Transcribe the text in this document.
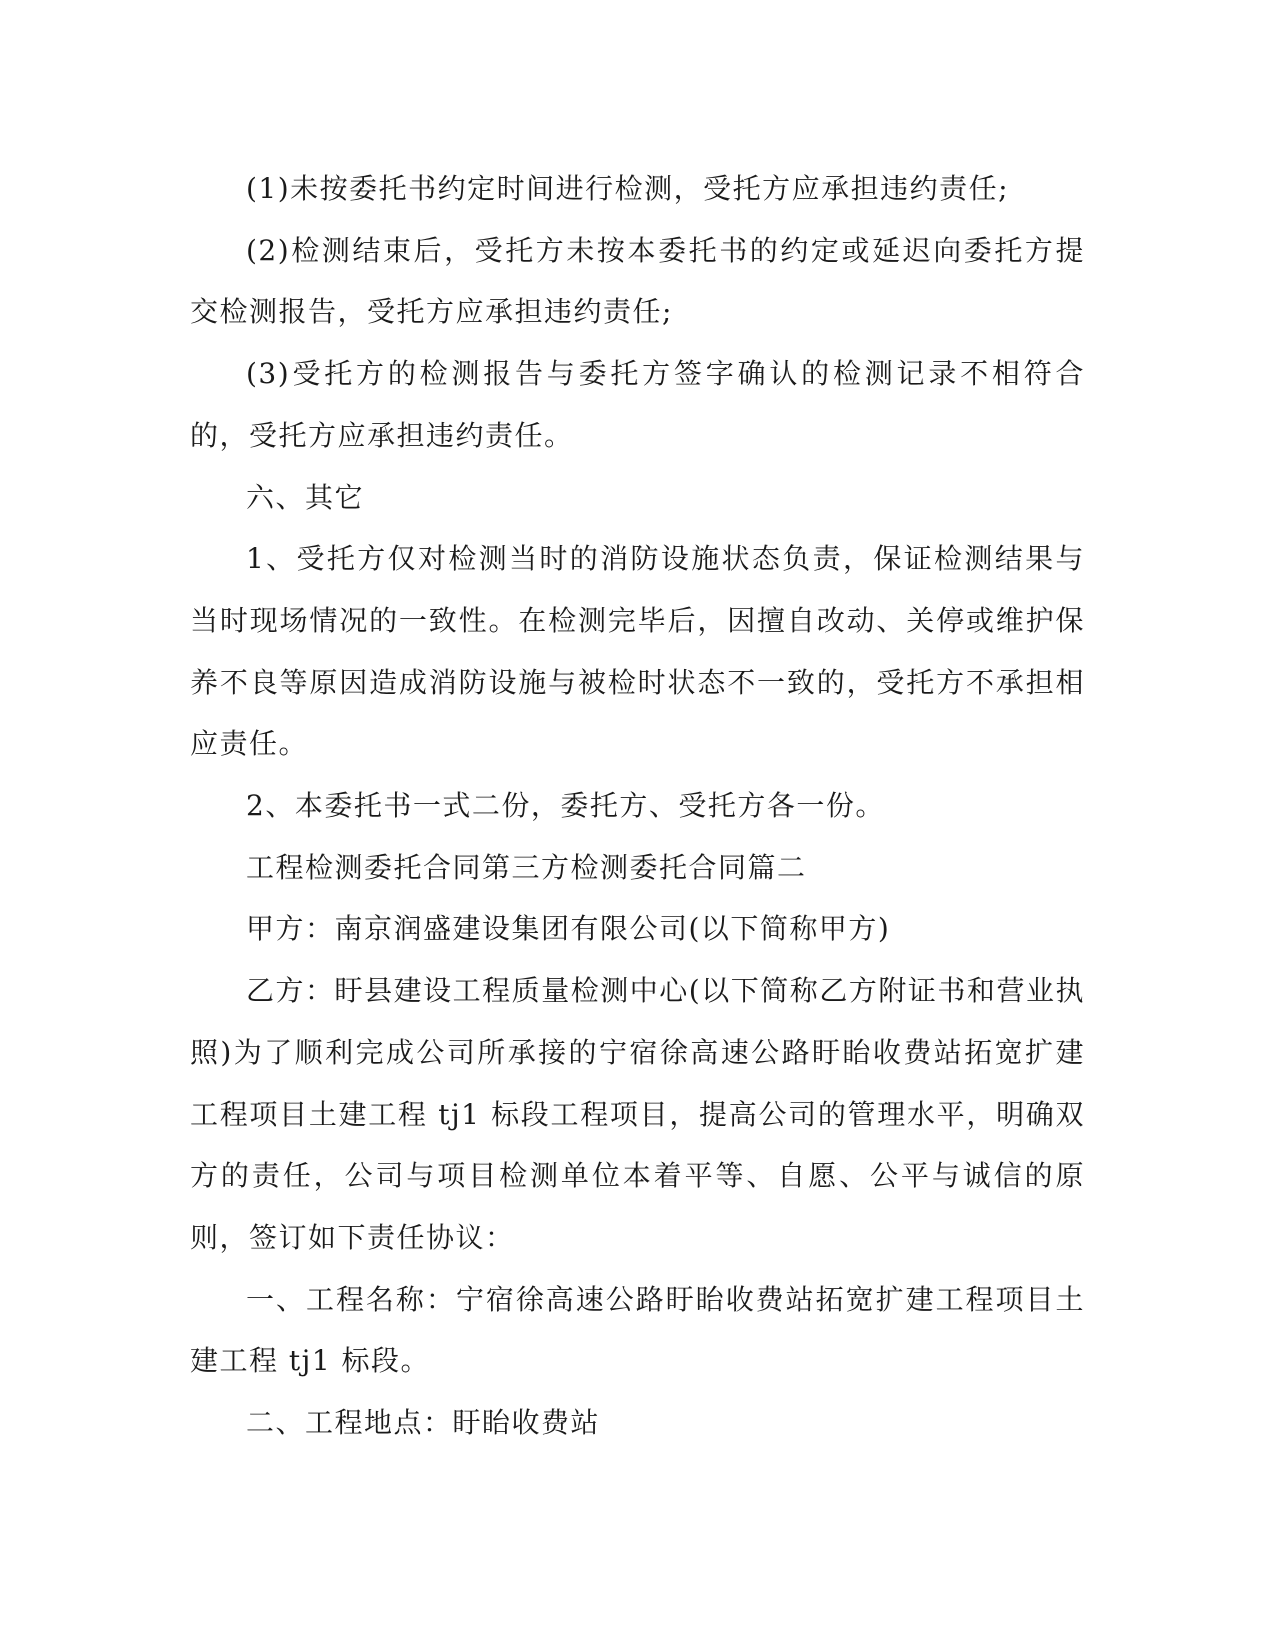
(1)未按委托书约定时间进行检测，受托方应承担违约责任;

(2)检测结束后，受托方未按本委托书的约定或延迟向委托方提交检测报告，受托方应承担违约责任;

(3)受托方的检测报告与委托方签字确认的检测记录不相符合的，受托方应承担违约责任。

六、其它

1、受托方仅对检测当时的消防设施状态负责，保证检测结果与当时现场情况的一致性。在检测完毕后，因擅自改动、关停或维护保养不良等原因造成消防设施与被检时状态不一致的，受托方不承担相应责任。

2、本委托书一式二份，委托方、受托方各一份。

工程检测委托合同第三方检测委托合同篇二

甲方：南京润盛建设集团有限公司(以下简称甲方)

乙方：盱县建设工程质量检测中心(以下简称乙方附证书和营业执照)为了顺利完成公司所承接的宁宿徐高速公路盱眙收费站拓宽扩建工程项目土建工程 tj1 标段工程项目，提高公司的管理水平，明确双方的责任，公司与项目检测单位本着平等、自愿、公平与诚信的原则，签订如下责任协议：

一、工程名称：宁宿徐高速公路盱眙收费站拓宽扩建工程项目土建工程 tj1 标段。

二、工程地点：盱眙收费站
